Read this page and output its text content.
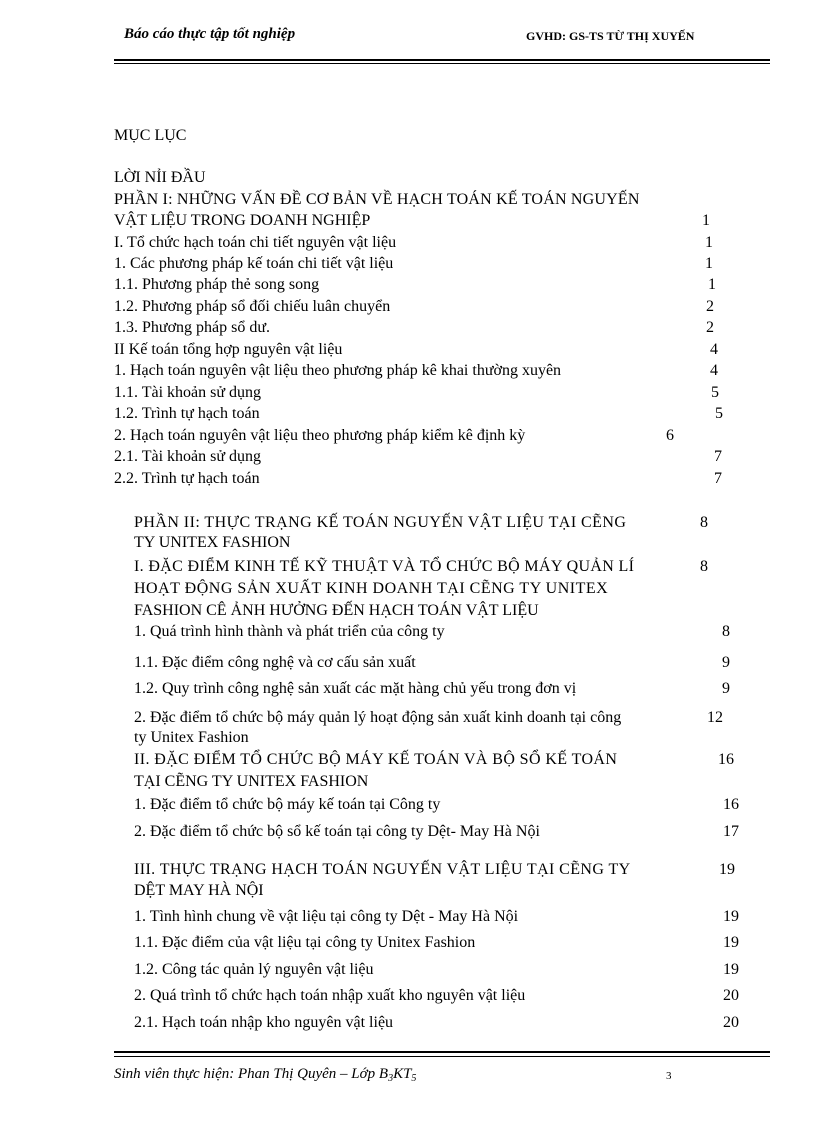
Báo cáo thực tập tốt nghiệp	GVHD: GS-TS TỪ THỊ XUYẾN
MỤC LỤC
LỜI NỈI ĐẦU
PHẦN I: NHỮNG VẤN ĐỀ CƠ BẢN VỀ HẠCH TOÁN KẾ TOÁN NGUYẾN
VẬT LIỆU TRONG DOANH NGHIỆP	1
I. Tổ chức hạch toán chi tiết nguyên vật liệu	1
1. Các phương pháp kế toán chi tiết vật liệu	1
1.1. Phương pháp thẻ song song	1
1.2. Phương pháp sổ đối chiếu luân chuyển	2
1.3. Phương pháp sổ dư.	2
II Kế toán tổng hợp nguyên vật liệu	4
1. Hạch toán nguyên vật liệu theo phương pháp kê khai thường xuyên	4
1.1. Tài khoản sử dụng	5
1.2. Trình tự hạch toán	5
2. Hạch toán nguyên vật liệu theo phương pháp kiểm kê định kỳ	6
2.1. Tài khoản sử dụng	7
2.2. Trình tự hạch toán	7
PHẦN II: THỰC TRẠNG KẾ TOÁN NGUYẾN VẬT LIỆU TẠI CẼNG	8
TY UNITEX FASHION
I. ĐẶC ĐIỂM KINH TẾ KỸ THUẬT VÀ TỔ CHỨC BỘ MÁY QUẢN LÍ	8
HOẠT ĐỘNG SẢN XUẤT KINH DOANH TẠI CẼNG TY UNITEX
FASHION CÊ ẢNH HƯỞNG ĐẾN HẠCH TOÁN VẬT LIỆU
1. Quá trình hình thành và phát triển của công ty	8
1.1. Đặc điểm công nghệ và cơ cấu sản xuất	9
1.2. Quy trình công nghệ sản xuất các mặt hàng chủ yếu trong đơn vị	9
2. Đặc điểm tổ chức bộ máy quản lý hoạt động sản xuất kinh doanh tại công	12
ty Unitex Fashion
II. ĐẶC ĐIỂM TỔ CHỨC BỘ MÁY KẾ TOÁN VÀ BỘ SỔ KẾ TOÁN	16
TẠI CẼNG TY UNITEX FASHION
1. Đặc điểm tổ chức bộ máy kế toán tại Công ty	16
2. Đặc điểm tổ chức bộ sổ kế toán tại công ty Dệt- May Hà Nội	17
III. THỰC TRẠNG HẠCH TOÁN NGUYẾN VẬT LIỆU TẠI CẼNG TY	19
DỆT MAY HÀ NỘI
1. Tình hình chung về vật liệu tại công ty Dệt - May Hà Nội	19
1.1. Đặc điểm của vật liệu tại công ty Unitex Fashion	19
1.2. Công tác quản lý nguyên vật liệu	19
2. Quá trình tổ chức hạch toán nhập xuất kho nguyên vật liệu	20
2.1. Hạch toán nhập kho nguyên vật liệu	20
Sinh viên thực hiện: Phan Thị Quyên – Lớp $B_3KT_5$	3
